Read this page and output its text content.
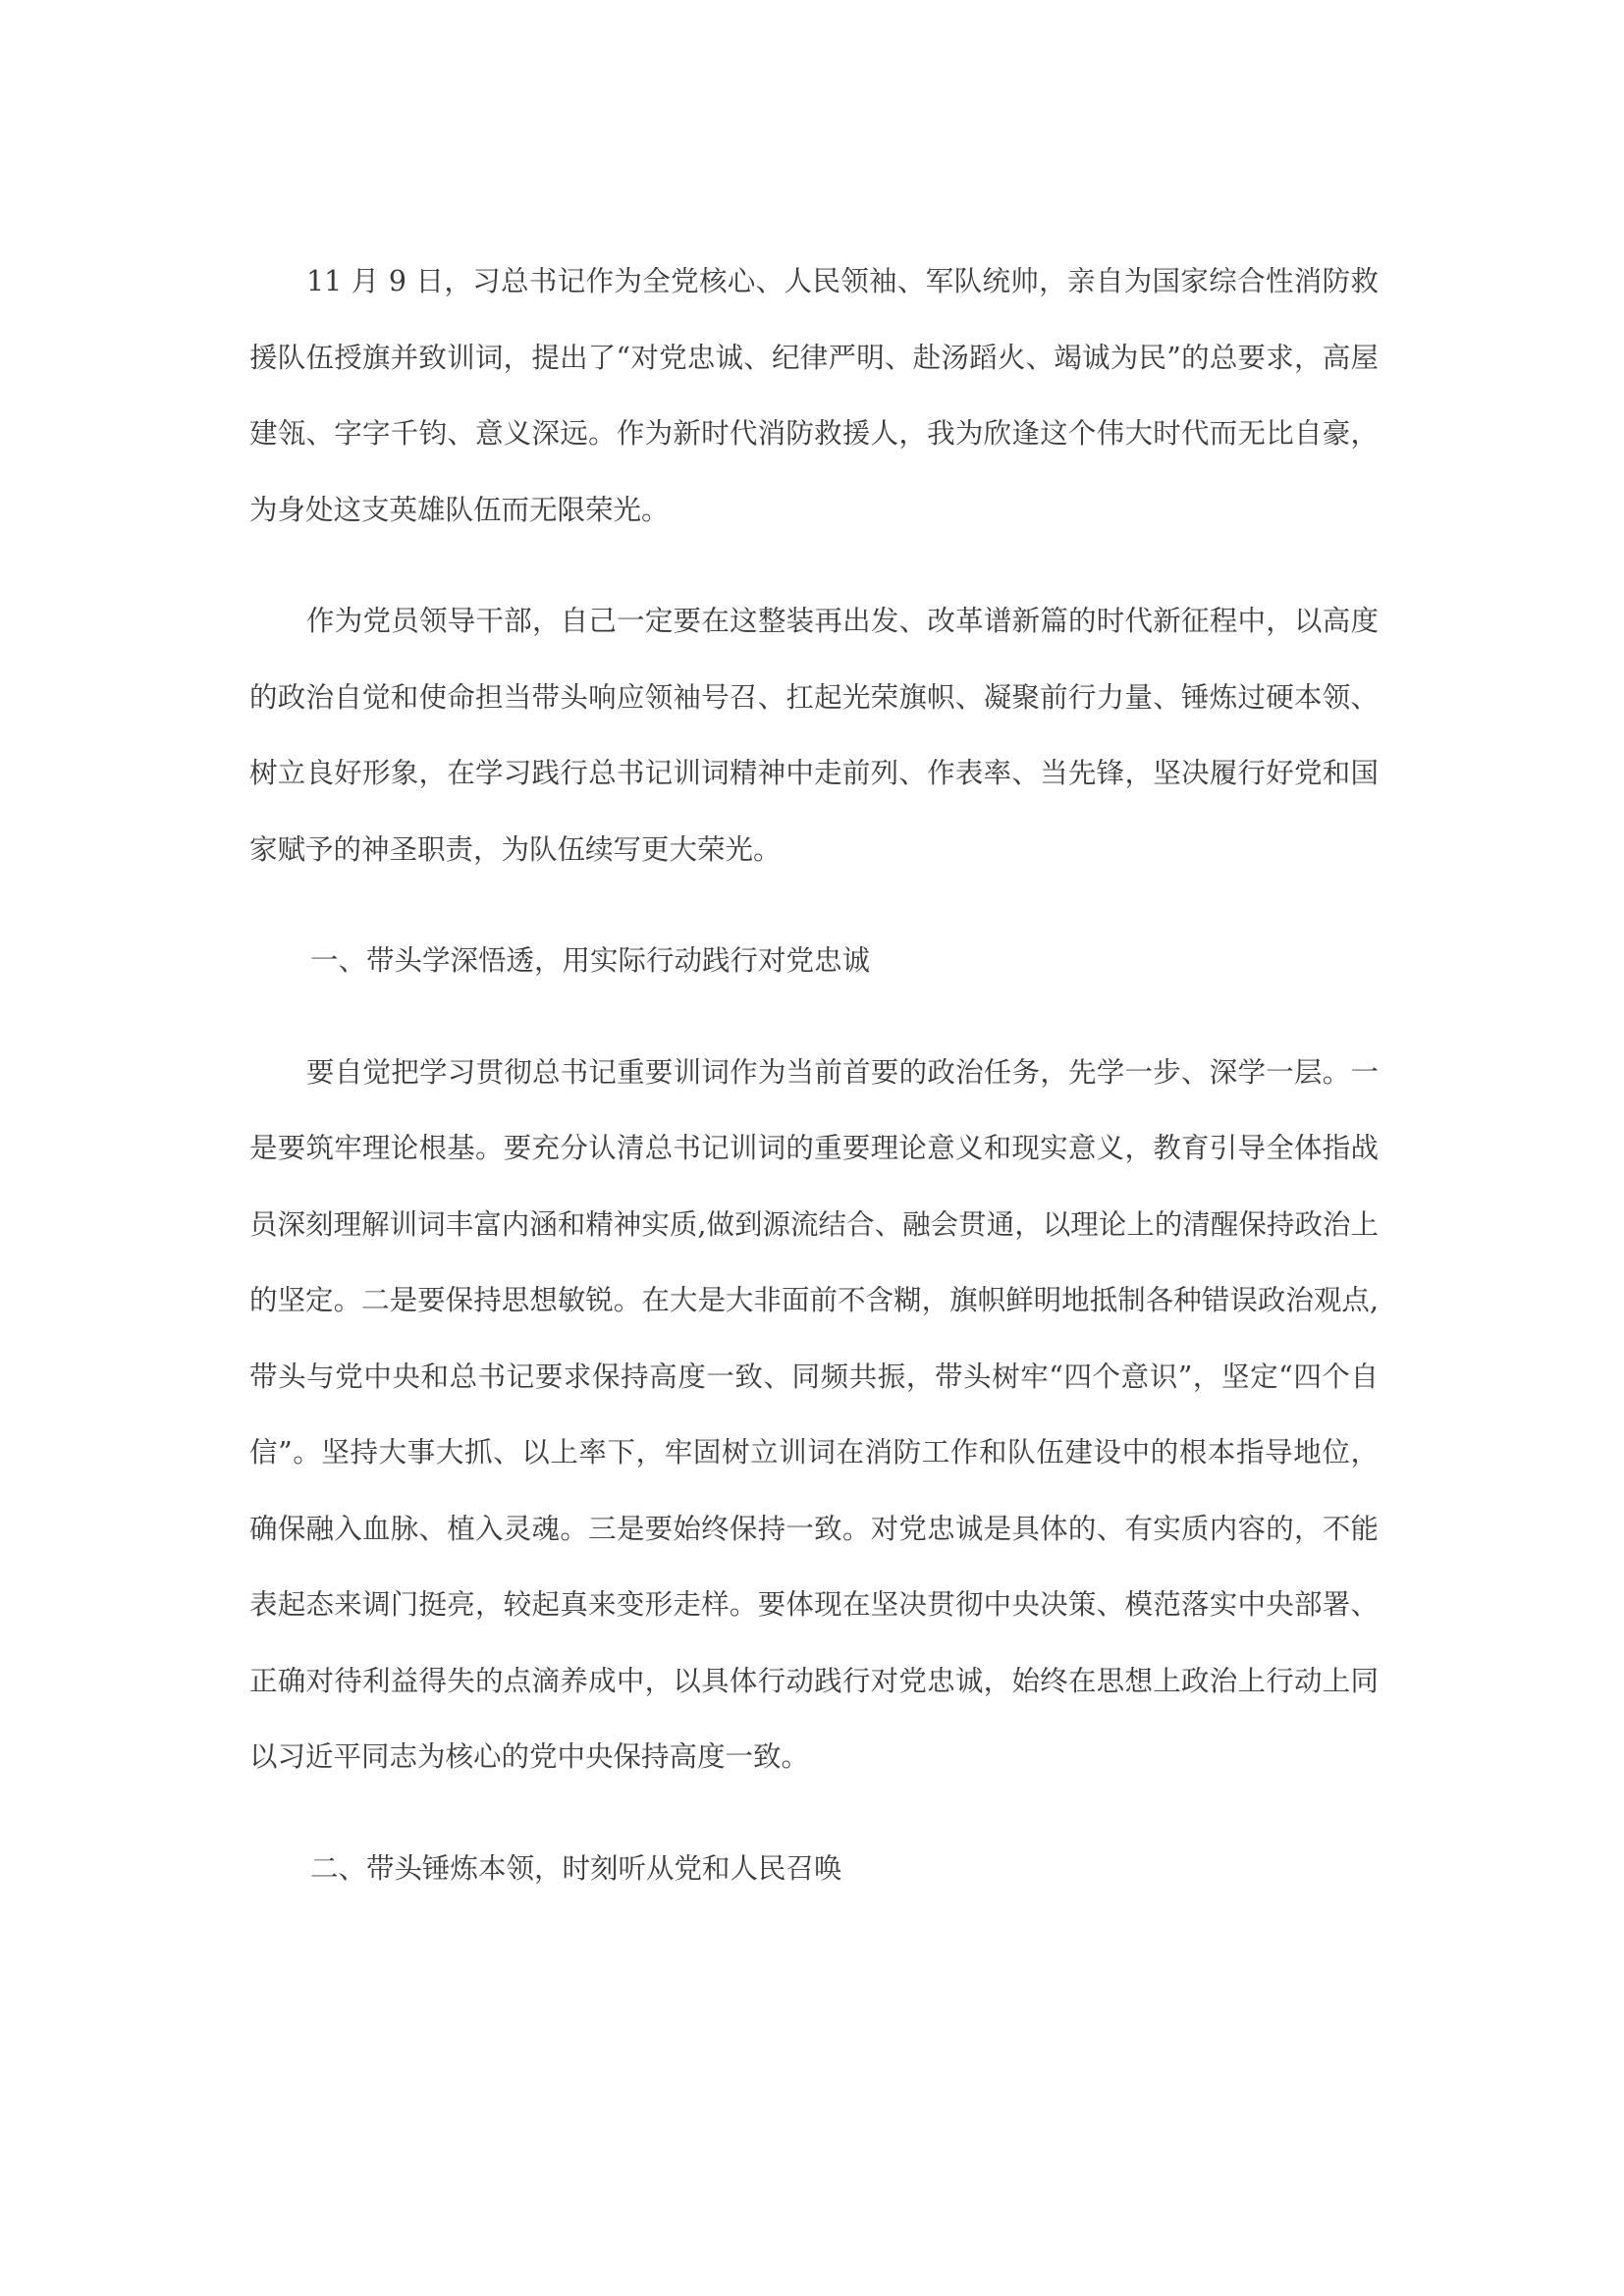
11 月 9 日，习总书记作为全党核心、人民领袖、军队统帅，亲自为国家综合性消防救援队伍授旗并致训词，提出了“对党忠诚、纪律严明、赴汤蹈火、竭诚为民”的总要求，高屋建瓴、字字千钧、意义深远。作为新时代消防救援人，我为欣逢这个伟大时代而无比自豪，为身处这支英雄队伍而无限荣光。

作为党员领导干部，自己一定要在这整装再出发、改革谱新篇的时代新征程中，以高度的政治自觉和使命担当带头响应领袖号召、扛起光荣旗帜、凝聚前行力量、锤炼过硬本领、树立良好形象，在学习践行总书记训词精神中走前列、作表率、当先锋，坚决履行好党和国家赋予的神圣职责，为队伍续写更大荣光。

一、带头学深悟透，用实际行动践行对党忠诚

要自觉把学习贯彻总书记重要训词作为当前首要的政治任务，先学一步、深学一层。一是要筑牢理论根基。要充分认清总书记训词的重要理论意义和现实意义，教育引导全体指战员深刻理解训词丰富内涵和精神实质,做到源流结合、融会贯通，以理论上的清醒保持政治上的坚定。二是要保持思想敏锐。在大是大非面前不含糊，旗帜鲜明地抵制各种错误政治观点,带头与党中央和总书记要求保持高度一致、同频共振，带头树牢“四个意识”，坚定“四个自信”。坚持大事大抓、以上率下，牢固树立训词在消防工作和队伍建设中的根本指导地位，确保融入血脉、植入灵魂。三是要始终保持一致。对党忠诚是具体的、有实质内容的，不能表起态来调门挺亮，较起真来变形走样。要体现在坚决贯彻中央决策、模范落实中央部署、正确对待利益得失的点滴养成中，以具体行动践行对党忠诚，始终在思想上政治上行动上同以习近平同志为核心的党中央保持高度一致。

二、带头锤炼本领，时刻听从党和人民召唤
